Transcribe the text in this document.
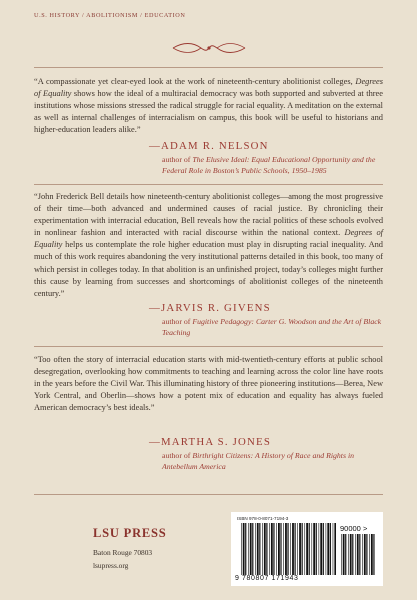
U.S. HISTORY / ABOLITIONISM / EDUCATION
“A compassionate yet clear-eyed look at the work of nineteenth-century abolitionist colleges, Degrees of Equality shows how the ideal of a multiracial democracy was both supported and subverted at three institutions whose missions stressed the radical struggle for racial equality. A meditation on the external as well as internal challenges of interracialism on campus, this book will be useful to historians and higher-education leaders alike.”
—ADAM R. NELSON
author of The Elusive Ideal: Equal Educational Opportunity and the Federal Role in Boston’s Public Schools, 1950–1985
“John Frederick Bell details how nineteenth-century abolitionist colleges—among the most progressive of their time—both advanced and undermined causes of racial justice. By chronicling their experimentation with interracial education, Bell reveals how the racial politics of these schools evolved in nonlinear fashion and interacted with racial discourse within the national context. Degrees of Equality helps us contemplate the role higher education must play in disrupting racial inequality. And much of this work requires abandoning the very institutional patterns detailed in this book, too many of which persist in colleges today. In that abolition is an unfinished project, today’s colleges might further this cause by learning from successes and shortcomings of abolitionist colleges of the nineteenth century.”
—JARVIS R. GIVENS
author of Fugitive Pedagogy: Carter G. Woodson and the Art of Black Teaching
“Too often the story of interracial education starts with mid-twentieth-century efforts at public school desegregation, overlooking how commitments to teaching and learning across the color line have roots in the years before the Civil War. This illuminating history of three pioneering institutions—Berea, New York Central, and Oberlin—shows how a potent mix of education and equality has always fueled American democracy’s best ideals.”
—MARTHA S. JONES
author of Birthright Citizens: A History of Race and Rights in Antebellum America
LSU PRESS
Baton Rouge 70803
lsupress.org
ISBN 978-0-8071-7194-3
90000 >
9 780807 171943
